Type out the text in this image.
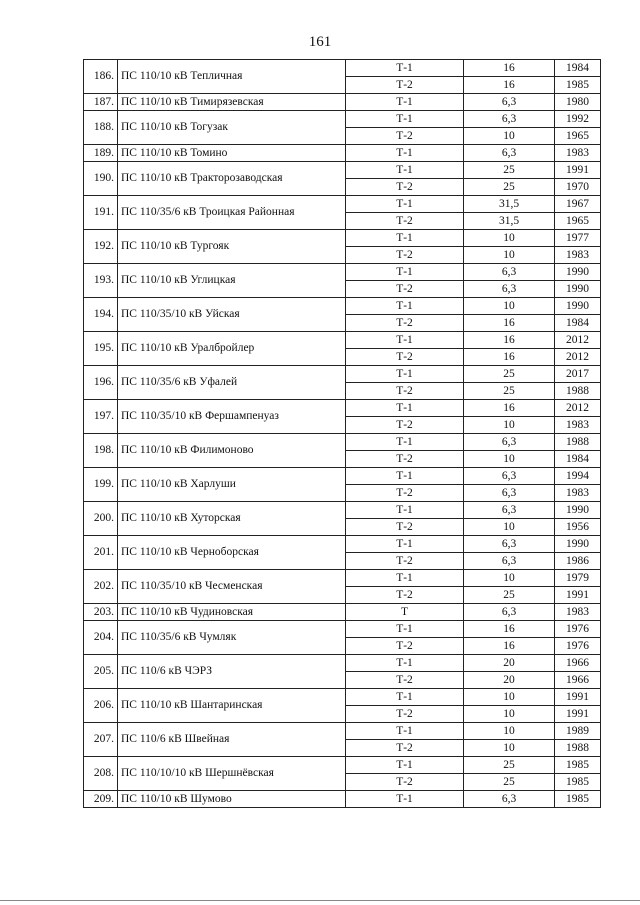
161
186.	ПС 110/10 кВ Тепличная	Т-1	16	1984
		Т-2	16	1985
187.	ПС 110/10 кВ Тимирязевская	Т-1	6,3	1980
188.	ПС 110/10 кВ Тогузак	Т-1	6,3	1992
		Т-2	10	1965
189.	ПС 110/10 кВ Томино	Т-1	6,3	1983
190.	ПС 110/10 кВ Тракторозаводская	Т-1	25	1991
		Т-2	25	1970
191.	ПС 110/35/6 кВ Троицкая Районная	Т-1	31,5	1967
		Т-2	31,5	1965
192.	ПС 110/10 кВ Тургояк	Т-1	10	1977
		Т-2	10	1983
193.	ПС 110/10 кВ Углицкая	Т-1	6,3	1990
		Т-2	6,3	1990
194.	ПС 110/35/10 кВ Уйская	Т-1	10	1990
		Т-2	16	1984
195.	ПС 110/10 кВ Уралбройлер	Т-1	16	2012
		Т-2	16	2012
196.	ПС 110/35/6 кВ Уфалей	Т-1	25	2017
		Т-2	25	1988
197.	ПС 110/35/10 кВ Фершампенуаз	Т-1	16	2012
		Т-2	10	1983
198.	ПС 110/10 кВ Филимоново	Т-1	6,3	1988
		Т-2	10	1984
199.	ПС 110/10 кВ Харлуши	Т-1	6,3	1994
		Т-2	6,3	1983
200.	ПС 110/10 кВ Хуторская	Т-1	6,3	1990
		Т-2	10	1956
201.	ПС 110/10 кВ Черноборская	Т-1	6,3	1990
		Т-2	6,3	1986
202.	ПС 110/35/10 кВ Чесменская	Т-1	10	1979
		Т-2	25	1991
203.	ПС 110/10 кВ Чудиновская	Т	6,3	1983
204.	ПС 110/35/6 кВ Чумляк	Т-1	16	1976
		Т-2	16	1976
205.	ПС 110/6 кВ ЧЭРЗ	Т-1	20	1966
		Т-2	20	1966
206.	ПС 110/10 кВ Шантаринская	Т-1	10	1991
		Т-2	10	1991
207.	ПС 110/6 кВ Швейная	Т-1	10	1989
		Т-2	10	1988
208.	ПС 110/10/10 кВ Шершнёвская	Т-1	25	1985
		Т-2	25	1985
209.	ПС 110/10 кВ Шумово	Т-1	6,3	1985
